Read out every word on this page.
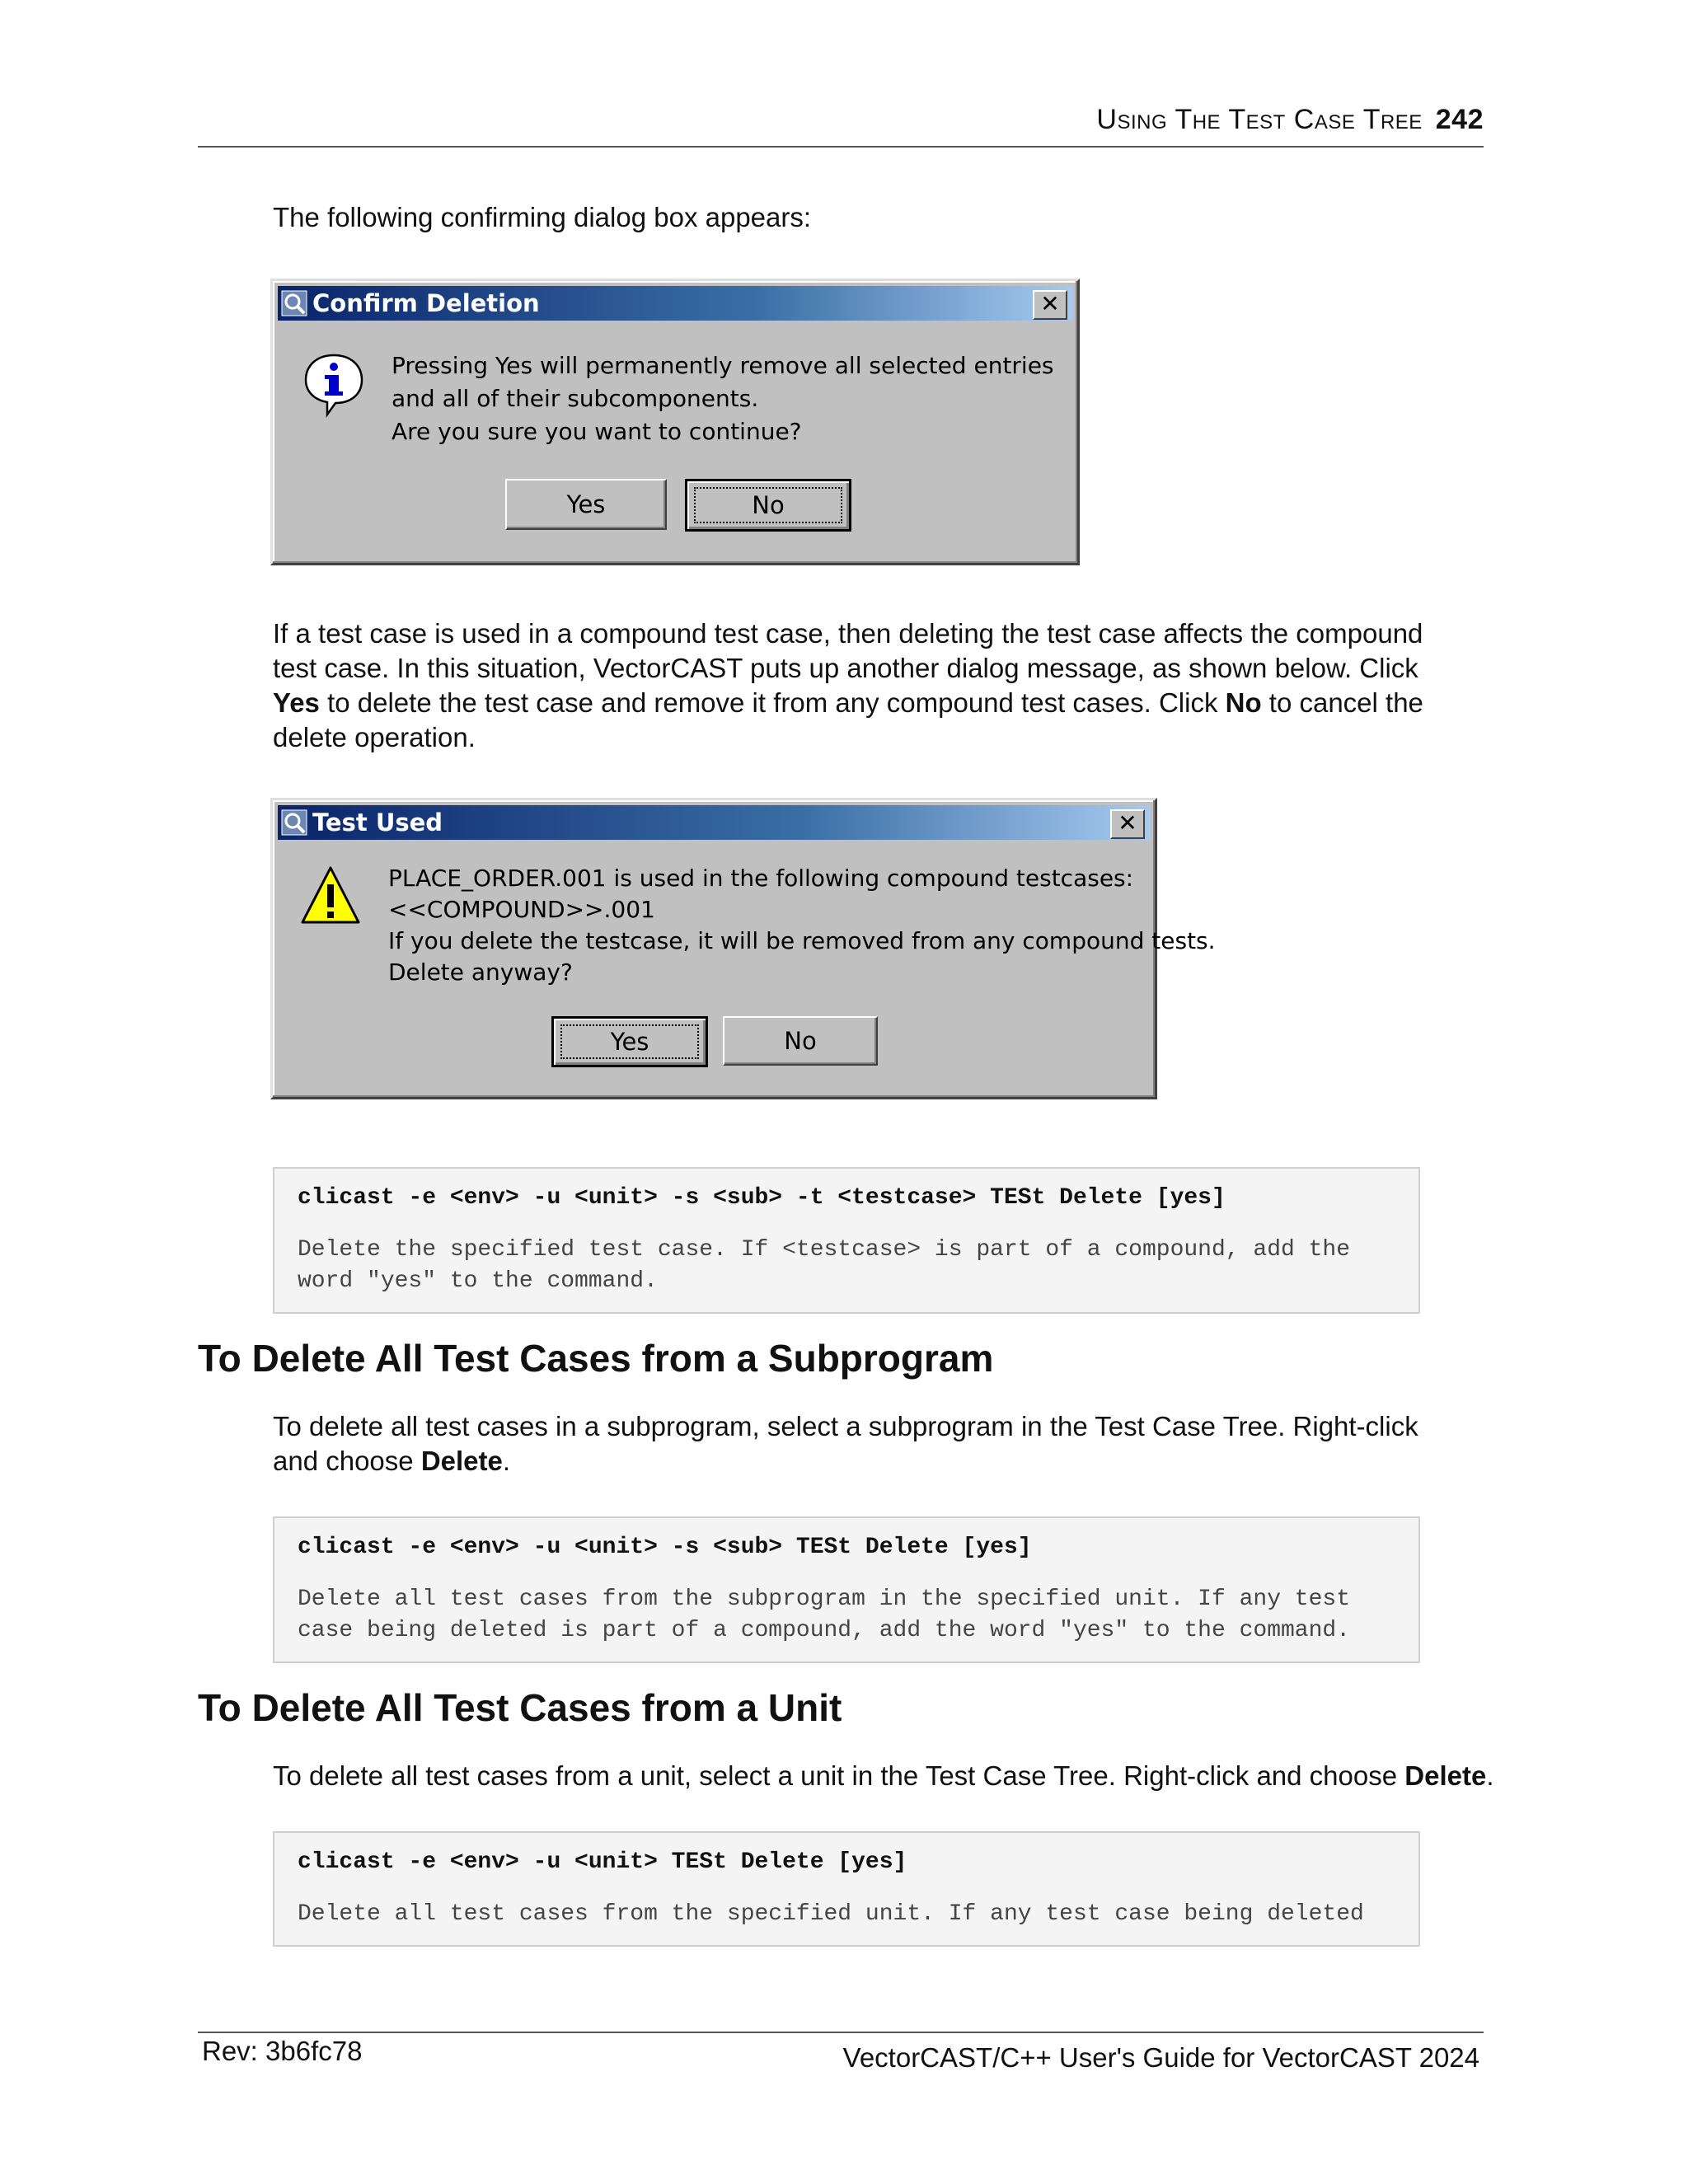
Using The Test Case Tree 242
The following confirming dialog box appears:
Confirm Deletion	✕
Pressing Yes will permanently remove all selected entries
and all of their subcomponents.
Are you sure you want to continue?
Yes	No
If a test case is used in a compound test case, then deleting the test case affects the compound test case. In this situation, VectorCAST puts up another dialog message, as shown below. Click Yes to delete the test case and remove it from any compound test cases. Click No to cancel the delete operation.
Test Used	✕
PLACE_ORDER.001 is used in the following compound testcases:
<<COMPOUND>>.001
If you delete the testcase, it will be removed from any compound tests.
Delete anyway?
Yes	No
clicast -e <env> -u <unit> -s <sub> -t <testcase> TESt Delete [yes]
Delete the specified test case. If <testcase> is part of a compound, add the
word "yes" to the command.
To Delete All Test Cases from a Subprogram
To delete all test cases in a subprogram, select a subprogram in the Test Case Tree. Right-click and choose Delete.
clicast -e <env> -u <unit> -s <sub> TESt Delete [yes]
Delete all test cases from the subprogram in the specified unit. If any test
case being deleted is part of a compound, add the word "yes" to the command.
To Delete All Test Cases from a Unit
To delete all test cases from a unit, select a unit in the Test Case Tree. Right-click and choose Delete.
clicast -e <env> -u <unit> TESt Delete [yes]
Delete all test cases from the specified unit. If any test case being deleted
Rev: 3b6fc78	VectorCAST/C++ User's Guide for VectorCAST 2024
